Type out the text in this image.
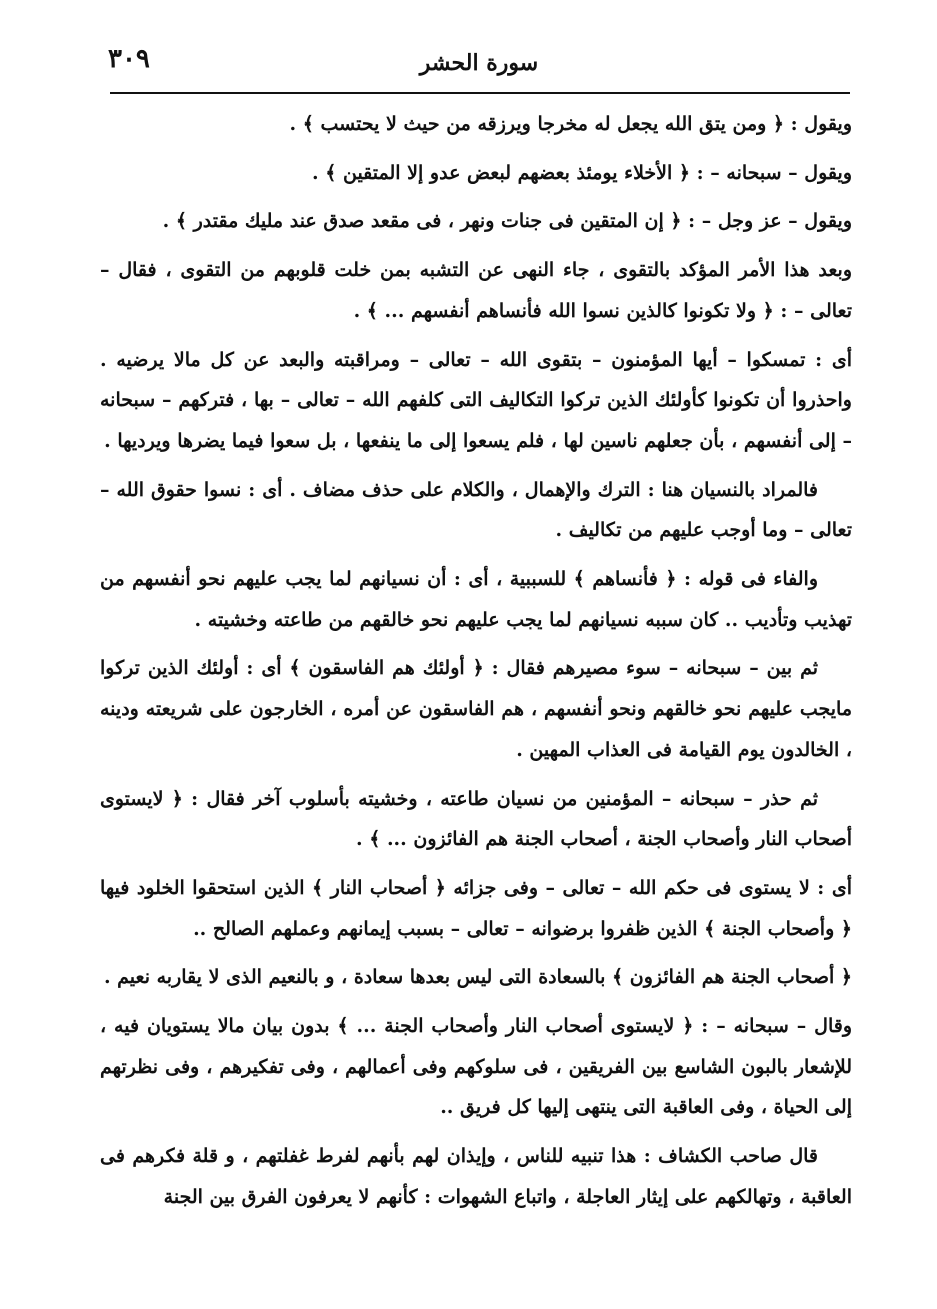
٣٠٩	سورة الحشر

ويقول : ﴿ ومن يتق الله يجعل له مخرجا ويرزقه من حيث لا يحتسب ﴾ .

ويقول – سبحانه – : ﴿ الأخلاء يومئذ بعضهم لبعض عدو إلا المتقين ﴾ .

ويقول – عز وجل – : ﴿ إن المتقين فى جنات ونهر ، فى مقعد صدق عند مليك مقتدر ﴾ .

وبعد هذا الأمر المؤكد بالتقوى ، جاء النهى عن التشبه بمن خلت قلوبهم من التقوى ، فقال – تعالى – : ﴿ ولا تكونوا كالذين نسوا الله فأنساهم أنفسهم ... ﴾ .

أى : تمسكوا – أيها المؤمنون – بتقوى الله – تعالى – ومراقبته والبعد عن كل مالا يرضيه . واحذروا أن تكونوا كأولئك الذين تركوا التكاليف التى كلفهم الله – تعالى – بها ، فتركهم – سبحانه – إلى أنفسهم ، بأن جعلهم ناسين لها ، فلم يسعوا إلى ما ينفعها ، بل سعوا فيما يضرها ويرديها .

فالمراد بالنسيان هنا : الترك والإهمال ، والكلام على حذف مضاف . أى : نسوا حقوق الله – تعالى – وما أوجب عليهم من تكاليف .

والفاء فى قوله : ﴿ فأنساهم ﴾ للسببية ، أى : أن نسيانهم لما يجب عليهم نحو أنفسهم من تهذيب وتأديب .. كان سببه نسيانهم لما يجب عليهم نحو خالقهم من طاعته وخشيته .

ثم بين – سبحانه – سوء مصيرهم فقال : ﴿ أولئك هم الفاسقون ﴾ أى : أولئك الذين تركوا مايجب عليهم نحو خالقهم ونحو أنفسهم ، هم الفاسقون عن أمره ، الخارجون على شريعته ودينه ، الخالدون يوم القيامة فى العذاب المهين .

ثم حذر – سبحانه – المؤمنين من نسيان طاعته ، وخشيته بأسلوب آخر فقال : ﴿ لايستوى أصحاب النار وأصحاب الجنة ، أصحاب الجنة هم الفائزون ... ﴾ .

أى : لا يستوى فى حكم الله – تعالى – وفى جزائه ﴿ أصحاب النار ﴾ الذين استحقوا الخلود فيها ﴿ وأصحاب الجنة ﴾ الذين ظفروا برضوانه – تعالى – بسبب إيمانهم وعملهم الصالح ..

﴿ أصحاب الجنة هم الفائزون ﴾ بالسعادة التى ليس بعدها سعادة ، و بالنعيم الذى لا يقاربه نعيم .

وقال – سبحانه – : ﴿ لايستوى أصحاب النار وأصحاب الجنة ... ﴾ بدون بيان مالا يستويان فيه ، للإشعار بالبون الشاسع بين الفريقين ، فى سلوكهم وفى أعمالهم ، وفى تفكيرهم ، وفى نظرتهم إلى الحياة ، وفى العاقبة التى ينتهى إليها كل فريق ..

قال صاحب الكشاف : هذا تنبيه للناس ، وإيذان لهم بأنهم لفرط غفلتهم ، و قلة فكرهم فى العاقبة ، وتهالكهم على إيثار العاجلة ، واتباع الشهوات : كأنهم لا يعرفون الفرق بين الجنة
